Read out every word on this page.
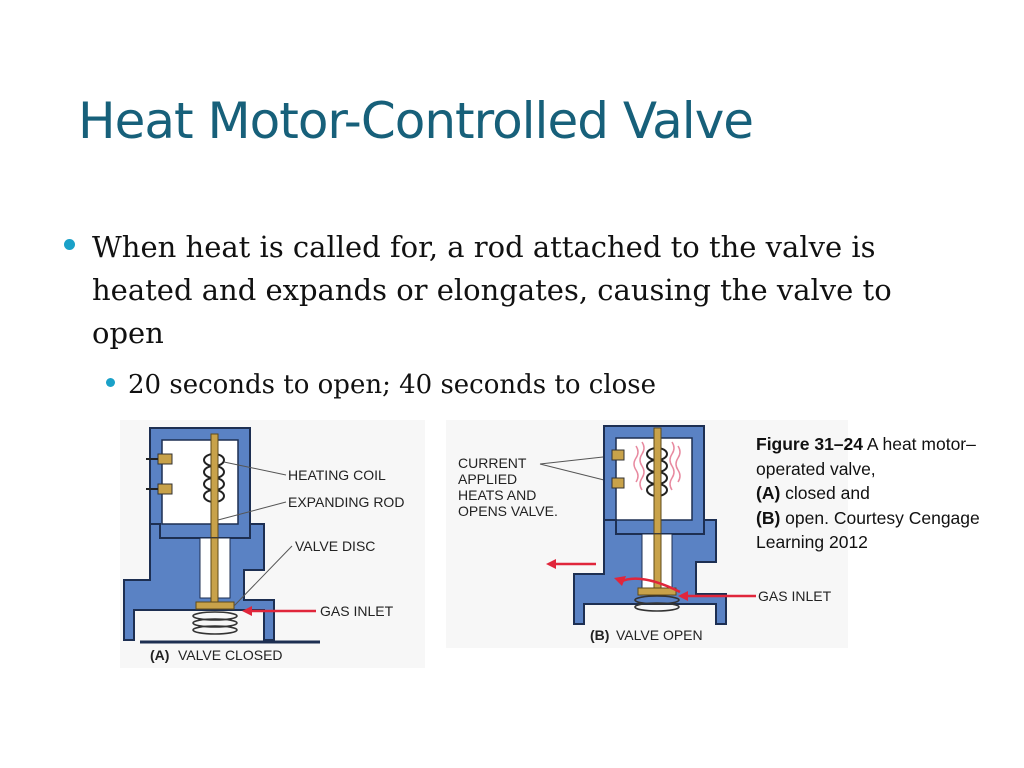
Heat Motor-Controlled Valve
When heat is called for, a rod attached to the valve is heated and expands or elongates, causing the valve to open
20 seconds to open; 40 seconds to close
HEATING COIL
EXPANDING ROD
VALVE DISC
GAS INLET
(A) VALVE CLOSED
CURRENT
APPLIED
HEATS AND
OPENS VALVE.
GAS INLET
(B) VALVE OPEN
Figure 31–24 A heat motor–operated valve,
(A) closed and
(B) open. Courtesy Cengage Learning 2012
